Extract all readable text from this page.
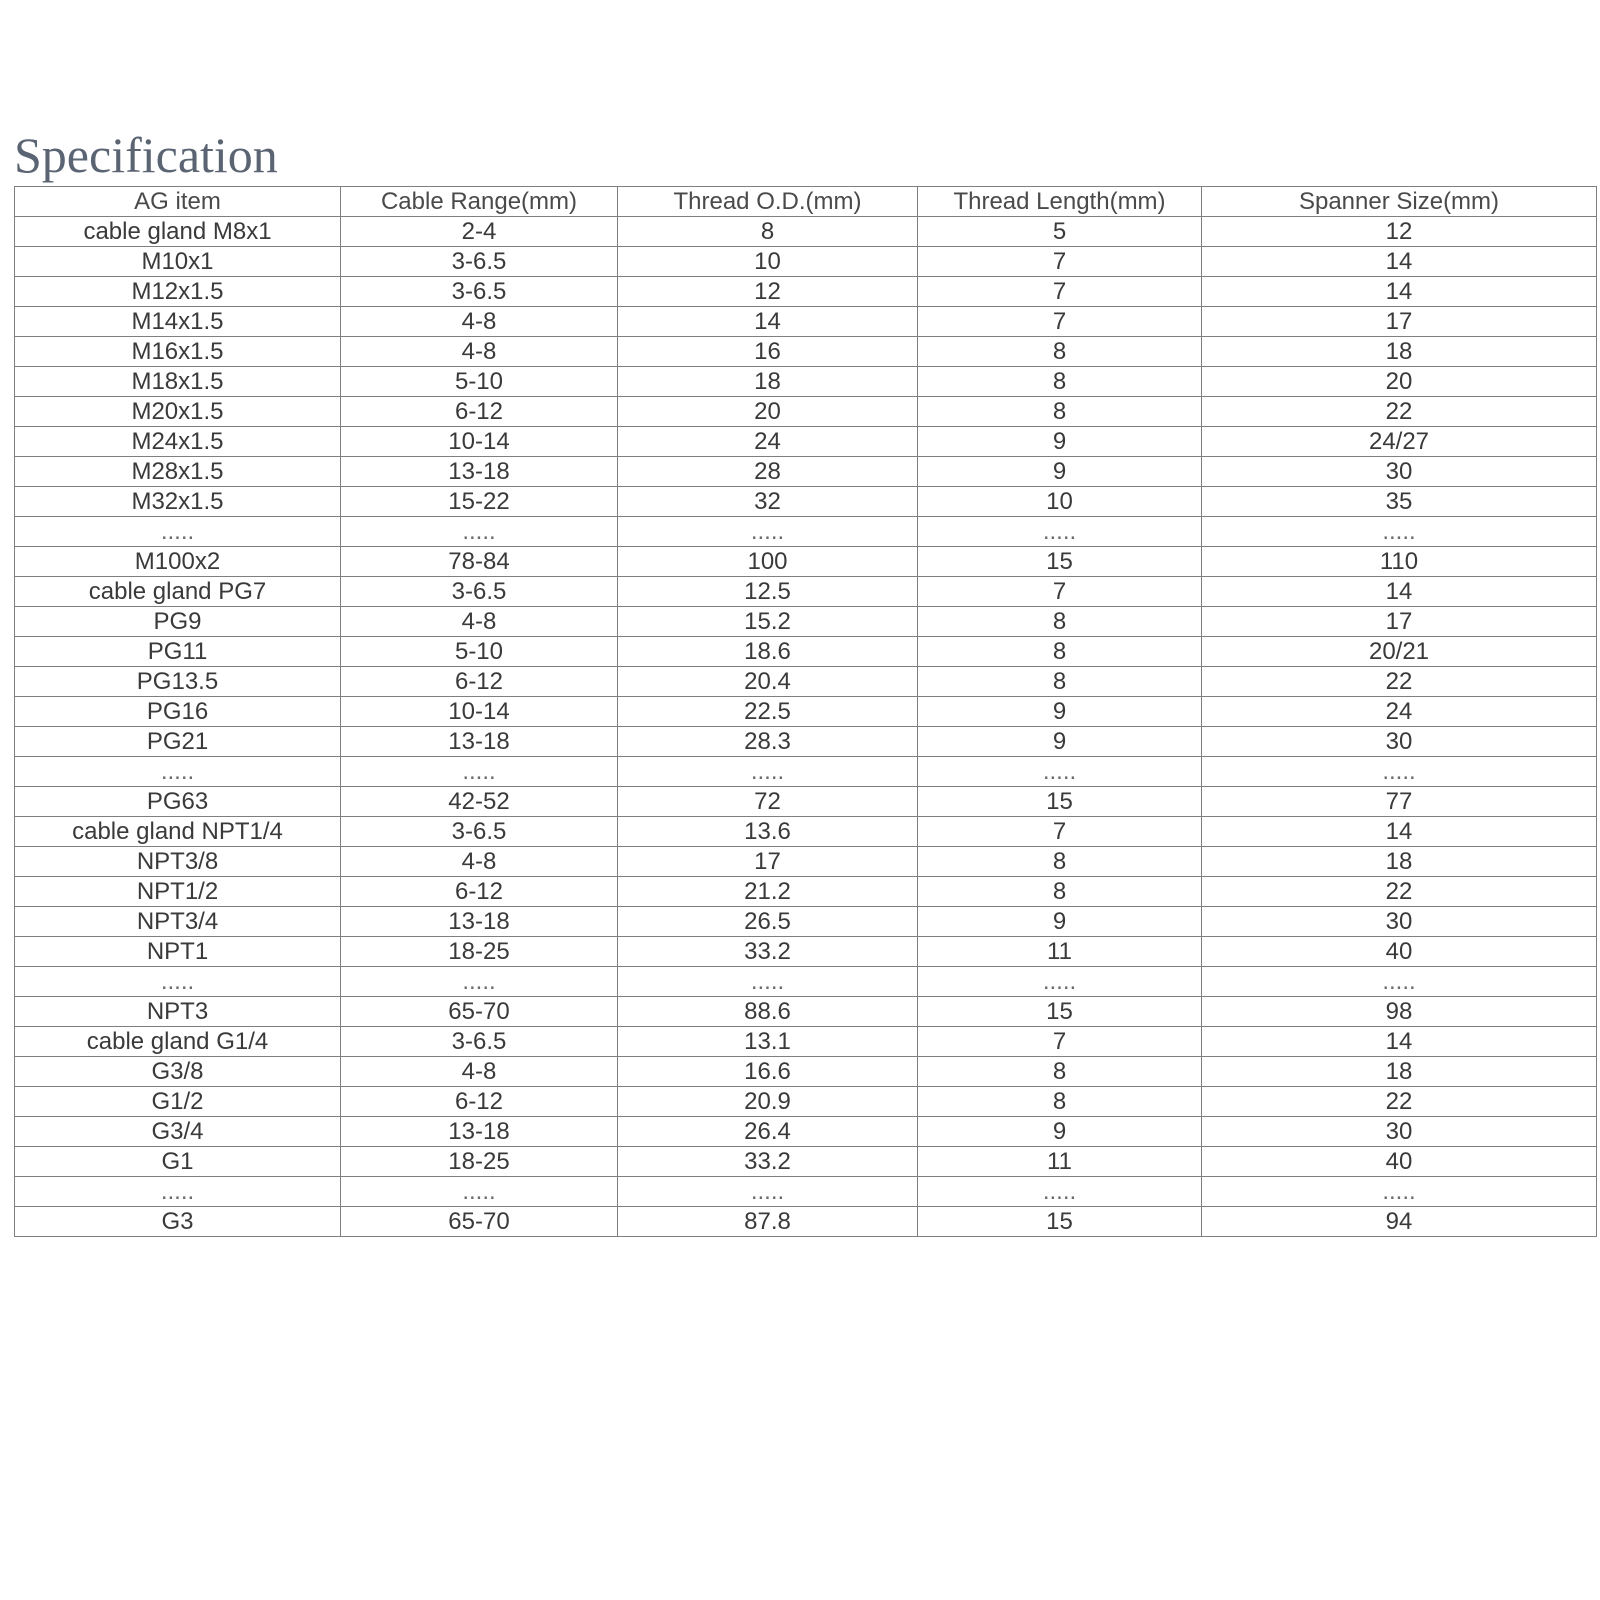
Specification
AG item	Cable Range(mm)	Thread O.D.(mm)	Thread Length(mm)	Spanner Size(mm)
cable gland M8x1	2-4	8	5	12
M10x1	3-6.5	10	7	14
M12x1.5	3-6.5	12	7	14
M14x1.5	4-8	14	7	17
M16x1.5	4-8	16	8	18
M18x1.5	5-10	18	8	20
M20x1.5	6-12	20	8	22
M24x1.5	10-14	24	9	24/27
M28x1.5	13-18	28	9	30
M32x1.5	15-22	32	10	35
.....	.....	.....	.....	.....
M100x2	78-84	100	15	110
cable gland PG7	3-6.5	12.5	7	14
PG9	4-8	15.2	8	17
PG11	5-10	18.6	8	20/21
PG13.5	6-12	20.4	8	22
PG16	10-14	22.5	9	24
PG21	13-18	28.3	9	30
.....	.....	.....	.....	.....
PG63	42-52	72	15	77
cable gland NPT1/4	3-6.5	13.6	7	14
NPT3/8	4-8	17	8	18
NPT1/2	6-12	21.2	8	22
NPT3/4	13-18	26.5	9	30
NPT1	18-25	33.2	11	40
.....	.....	.....	.....	.....
NPT3	65-70	88.6	15	98
cable gland G1/4	3-6.5	13.1	7	14
G3/8	4-8	16.6	8	18
G1/2	6-12	20.9	8	22
G3/4	13-18	26.4	9	30
G1	18-25	33.2	11	40
.....	.....	.....	.....	.....
G3	65-70	87.8	15	94
